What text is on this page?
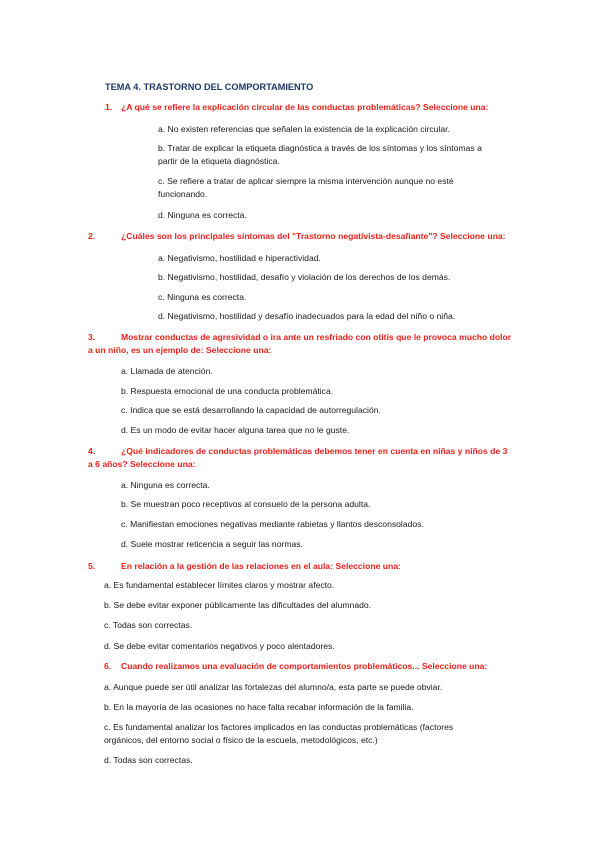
TEMA 4. TRASTORNO DEL COMPORTAMIENTO
1. ¿A qué se refiere la explicación circular de las conductas problemáticas? Seleccione una:
a. No existen referencias que señalen la existencia de la explicación circular.
b. Tratar de explicar la etiqueta diagnóstica a través de los síntomas y los síntomas a
partir de la etiqueta diagnóstica.
c. Se refiere a tratar de aplicar siempre la misma intervención aunque no esté
funcionando.
d. Ninguna es correcta.
2.	¿Cuáles son los principales síntomas del "Trastorno negativista-desafiante"? Seleccione una:
a. Negativismo, hostilidad e hiperactividad.
b. Negativismo, hostilidad, desafío y violación de los derechos de los demás.
c. Ninguna es correcta.
d. Negativismo, hostilidad y desafío inadecuados para la edad del niño o niña.
3.	Mostrar conductas de agresividad o ira ante un resfriado con otitis que le provoca mucho dolor
a un niño, es un ejemplo de: Seleccione una:
a. Llamada de atención.
b. Respuesta emocional de una conducta problemática.
c. Indica que se está desarrollando la capacidad de autorregulación.
d. Es un modo de evitar hacer alguna tarea que no le guste.
4.	¿Qué indicadores de conductas problemáticas debemos tener en cuenta en niñas y niños de 3
a 6 años? Seleccione una:
a. Ninguna es correcta.
b. Se muestran poco receptivos al consuelo de la persona adulta.
c. Manifiestan emociones negativas mediante rabietas y llantos desconsolados.
d. Suele mostrar reticencia a seguir las normas.
5.	En relación a la gestión de las relaciones en el aula: Seleccione una:
a. Es fundamental establecer límites claros y mostrar afecto.
b. Se debe evitar exponer públicamente las dificultades del alumnado.
c. Todas son correctas.
d. Se debe evitar comentarios negativos y poco alentadores.
6. Cuando realizamos una evaluación de comportamientos problemáticos... Seleccione una:
a. Aunque puede ser útil analizar las fortalezas del alumno/a, esta parte se puede obviar.
b. En la mayoría de las ocasiones no hace falta recabar información de la familia.
c. Es fundamental analizar los factores implicados en las conductas problemáticas (factores
orgánicos, del entorno social o físico de la escuela, metodológicos, etc.)
d. Todas son correctas.
